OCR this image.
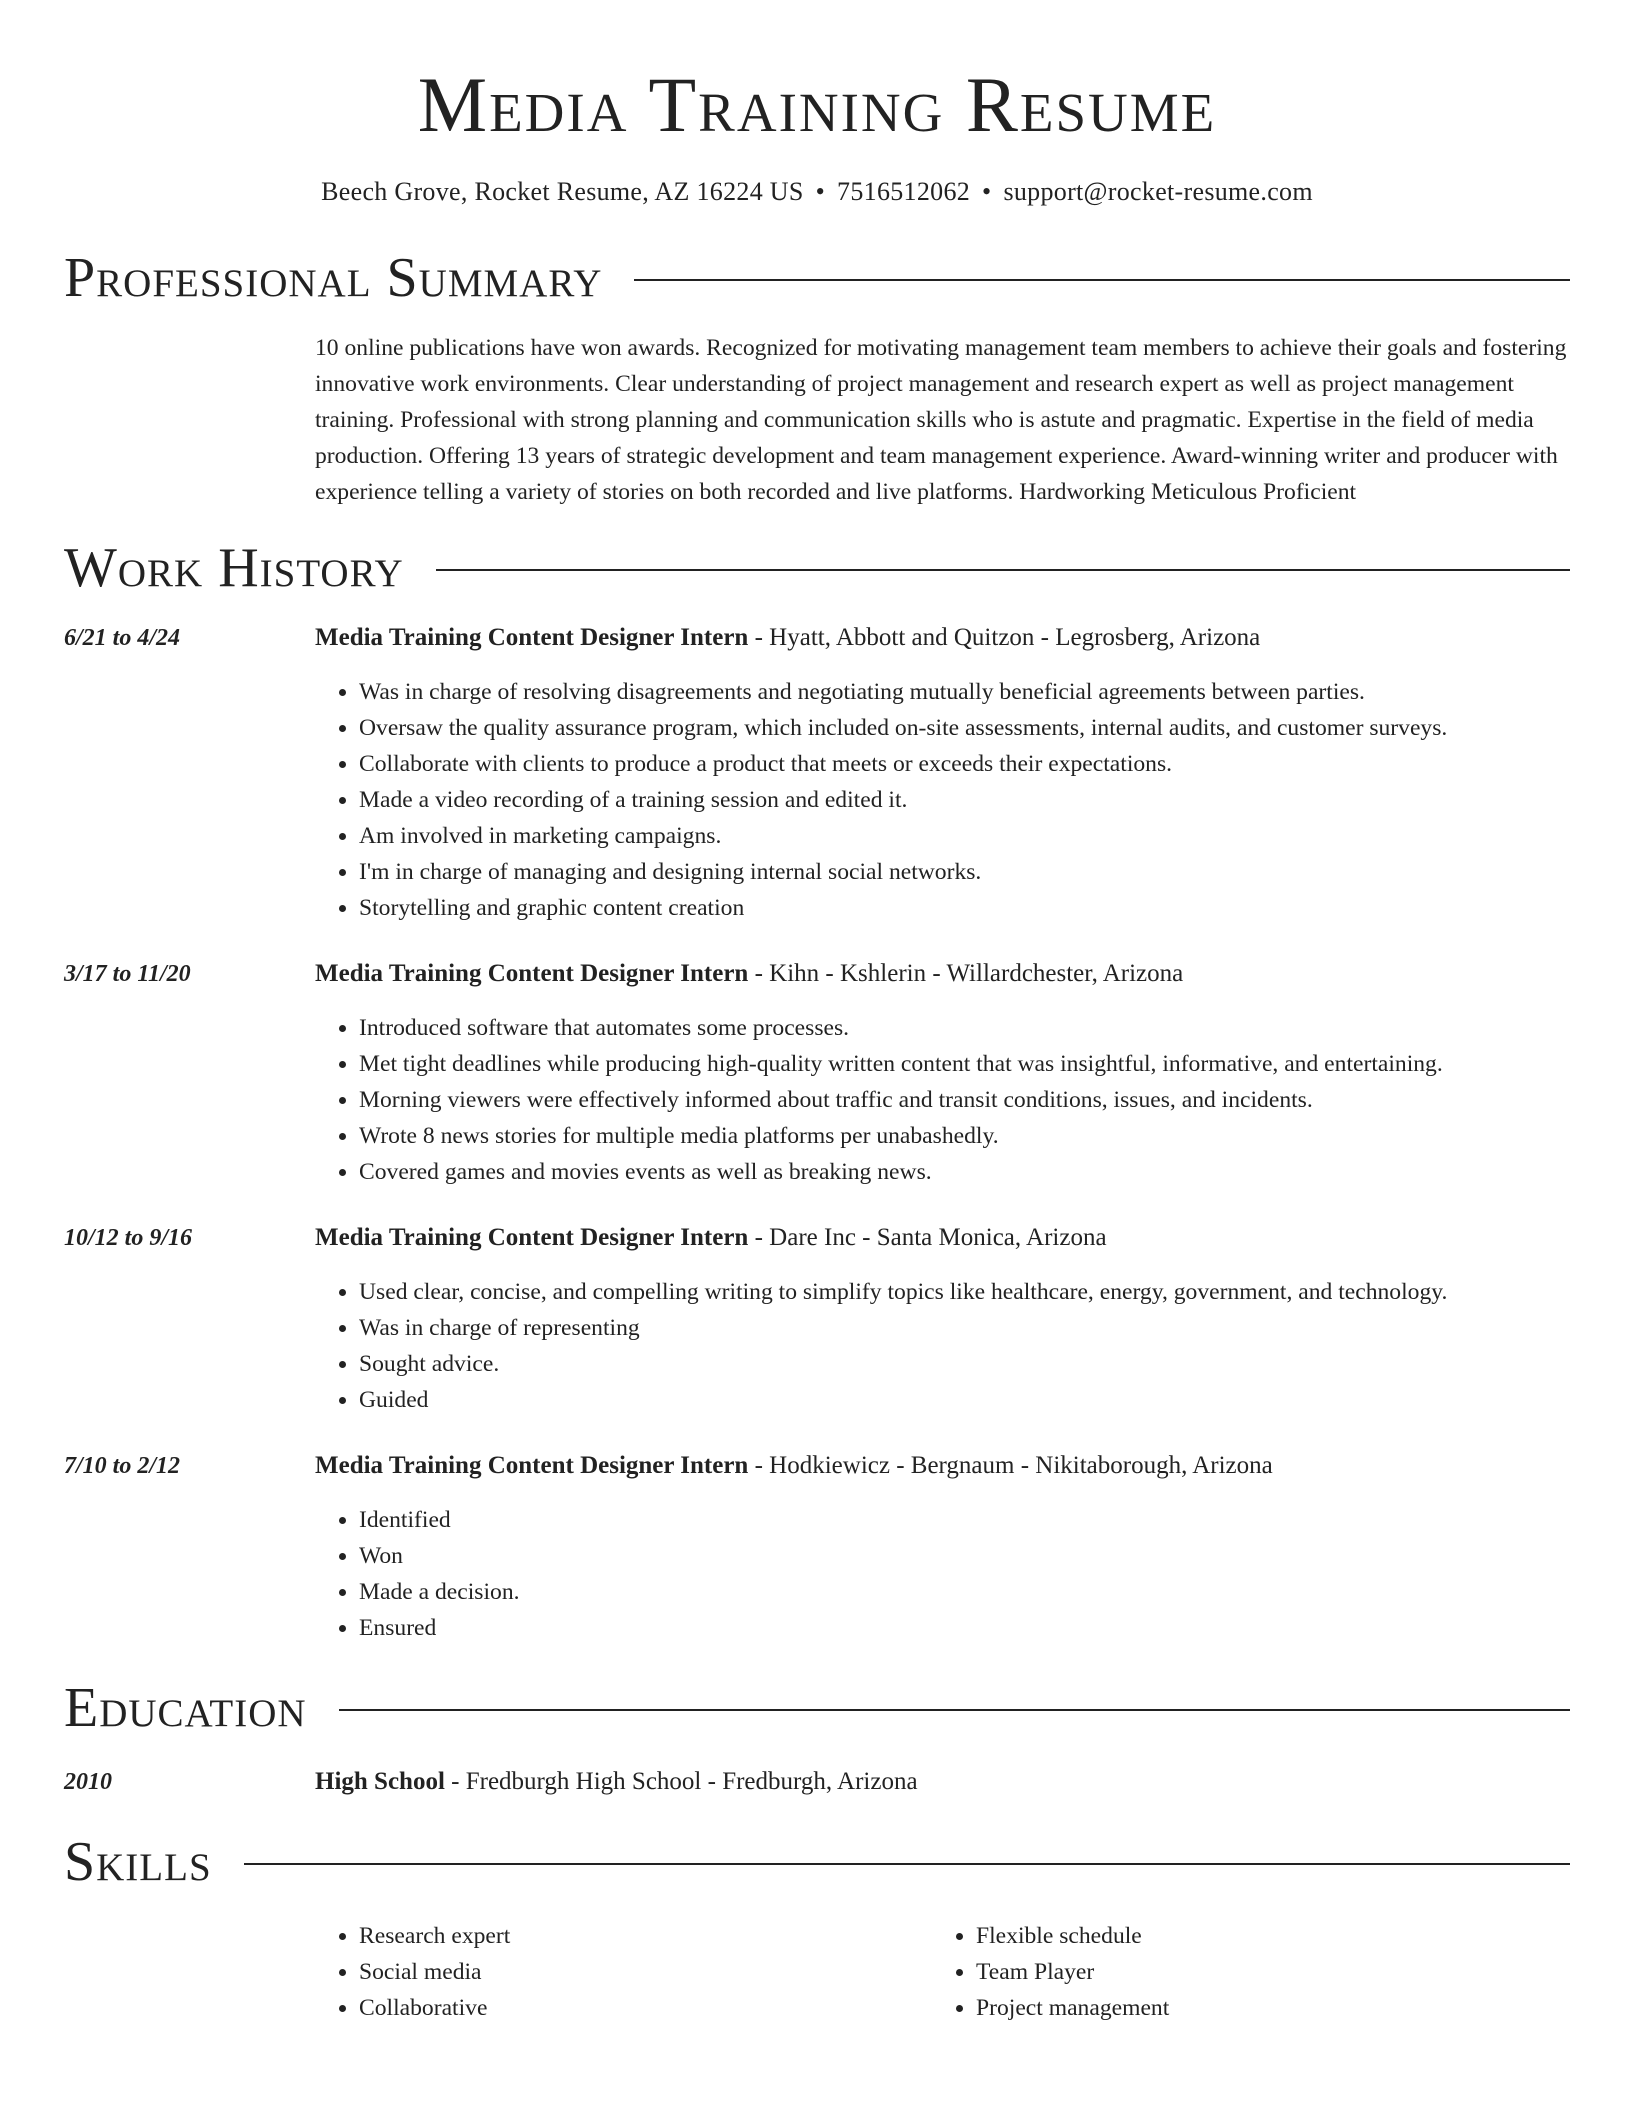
Media Training Resume
Beech Grove, Rocket Resume, AZ 16224 US • 7516512062 • support@rocket-resume.com
Professional Summary
10 online publications have won awards. Recognized for motivating management team members to achieve their goals and fostering innovative work environments. Clear understanding of project management and research expert as well as project management training. Professional with strong planning and communication skills who is astute and pragmatic. Expertise in the field of media production. Offering 13 years of strategic development and team management experience. Award-winning writer and producer with experience telling a variety of stories on both recorded and live platforms. Hardworking Meticulous Proficient
Work History
6/21 to 4/24	Media Training Content Designer Intern - Hyatt, Abbott and Quitzon - Legrosberg, Arizona
• Was in charge of resolving disagreements and negotiating mutually beneficial agreements between parties.
• Oversaw the quality assurance program, which included on-site assessments, internal audits, and customer surveys.
• Collaborate with clients to produce a product that meets or exceeds their expectations.
• Made a video recording of a training session and edited it.
• Am involved in marketing campaigns.
• I'm in charge of managing and designing internal social networks.
• Storytelling and graphic content creation
3/17 to 11/20	Media Training Content Designer Intern - Kihn - Kshlerin - Willardchester, Arizona
• Introduced software that automates some processes.
• Met tight deadlines while producing high-quality written content that was insightful, informative, and entertaining.
• Morning viewers were effectively informed about traffic and transit conditions, issues, and incidents.
• Wrote 8 news stories for multiple media platforms per unabashedly.
• Covered games and movies events as well as breaking news.
10/12 to 9/16	Media Training Content Designer Intern - Dare Inc - Santa Monica, Arizona
• Used clear, concise, and compelling writing to simplify topics like healthcare, energy, government, and technology.
• Was in charge of representing
• Sought advice.
• Guided
7/10 to 2/12	Media Training Content Designer Intern - Hodkiewicz - Bergnaum - Nikitaborough, Arizona
• Identified
• Won
• Made a decision.
• Ensured
Education
2010	High School - Fredburgh High School - Fredburgh, Arizona
Skills
• Research expert
• Social media
• Collaborative
• Flexible schedule
• Team Player
• Project management
